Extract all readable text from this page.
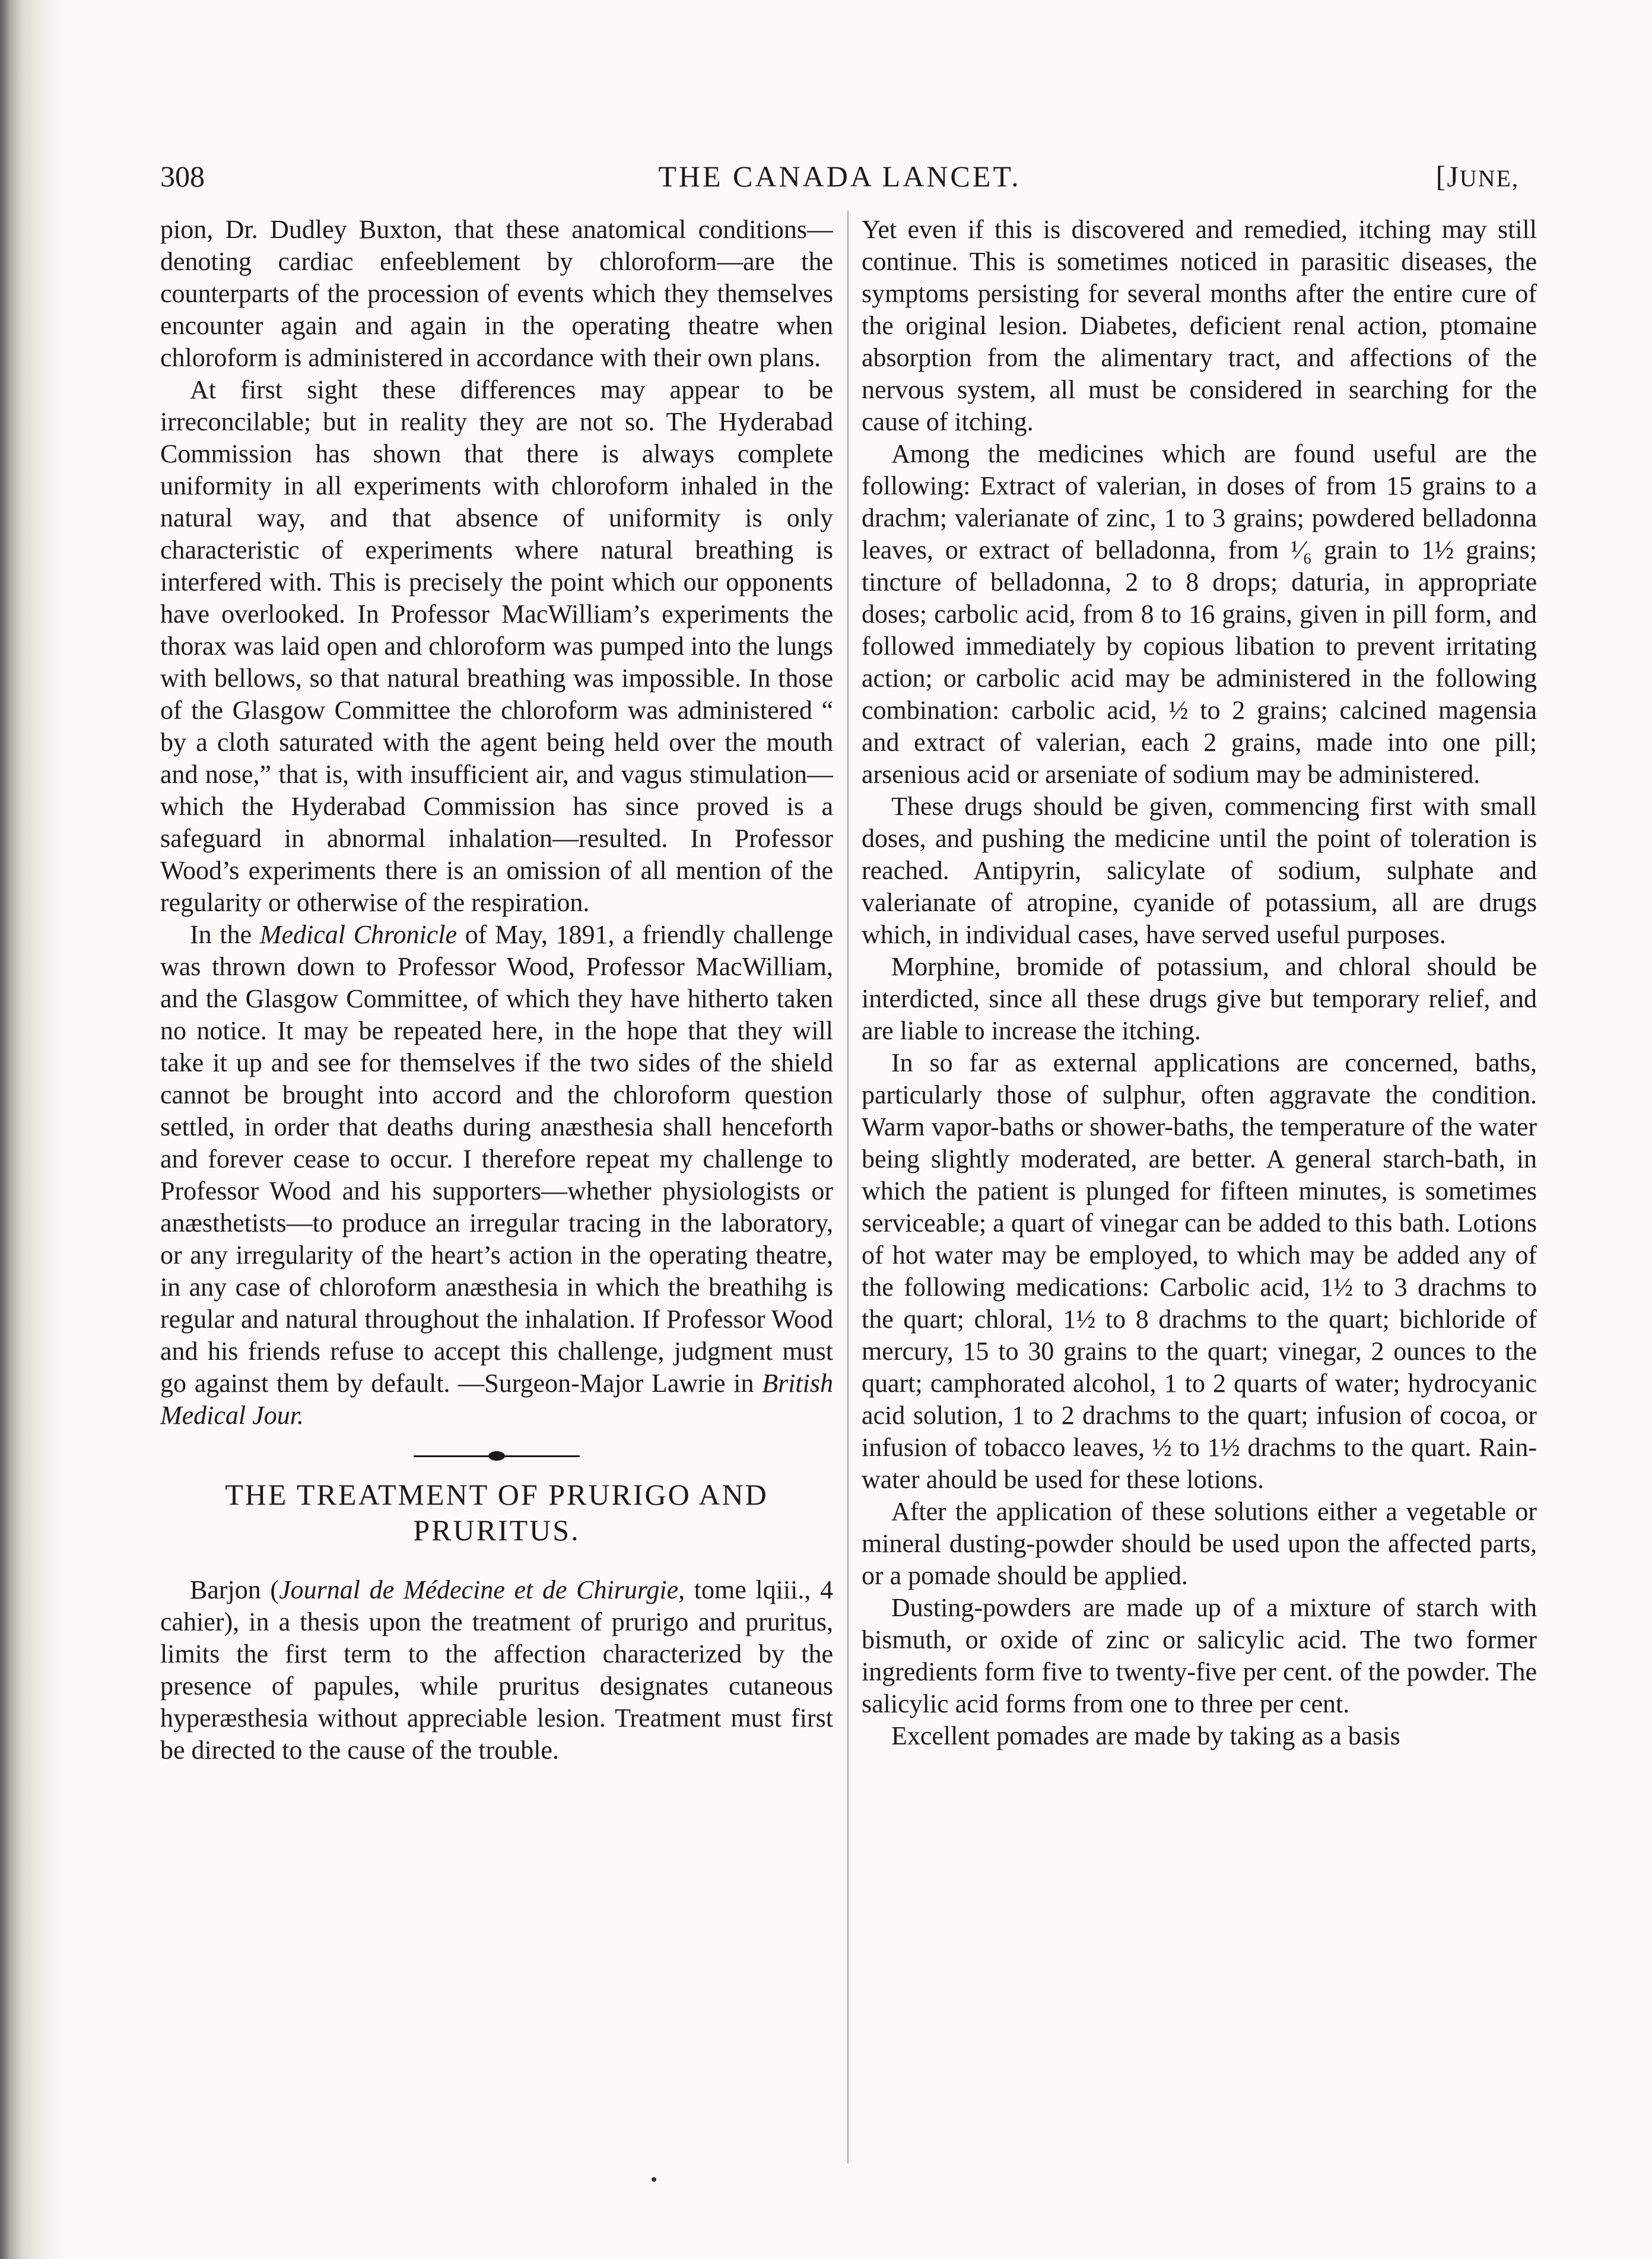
308	THE CANADA LANCET.	[JUNE,

pion, Dr. Dudley Buxton, that these anatomical conditions—denoting cardiac enfeeblement by chloroform—are the counterparts of the procession of events which they themselves encounter again and again in the operating theatre when chloroform is administered in accordance with their own plans.

At first sight these differences may appear to be irreconcilable; but in reality they are not so. The Hyderabad Commission has shown that there is always complete uniformity in all experiments with chloroform inhaled in the natural way, and that absence of uniformity is only characteristic of experiments where natural breathing is interfered with. This is precisely the point which our opponents have overlooked. In Professor MacWilliam’s experiments the thorax was laid open and chloroform was pumped into the lungs with bellows, so that natural breathing was impossible. In those of the Glasgow Committee the chloroform was administered “ by a cloth saturated with the agent being held over the mouth and nose,” that is, with insufficient air, and vagus stimulation—which the Hyderabad Commission has since proved is a safeguard in abnormal inhalation—resulted. In Professor Wood’s experiments there is an omission of all mention of the regularity or otherwise of the respiration.

In the Medical Chronicle of May, 1891, a friendly challenge was thrown down to Professor Wood, Professor MacWilliam, and the Glasgow Committee, of which they have hitherto taken no notice. It may be repeated here, in the hope that they will take it up and see for themselves if the two sides of the shield cannot be brought into accord and the chloroform question settled, in order that deaths during anæsthesia shall henceforth and forever cease to occur. I therefore repeat my challenge to Professor Wood and his supporters—whether physiologists or anæsthetists—to produce an irregular tracing in the laboratory, or any irregularity of the heart’s action in the operating theatre, in any case of chloroform anæsthesia in which the breathihg is regular and natural throughout the inhalation. If Professor Wood and his friends refuse to accept this challenge, judgment must go against them by default. —Surgeon-Major Lawrie in British Medical Jour.

THE TREATMENT OF PRURIGO AND
PRURITUS.

Barjon (Journal de Médecine et de Chirurgie, tome lqiii., 4 cahier), in a thesis upon the treatment of prurigo and pruritus, limits the first term to the affection characterized by the presence of papules, while pruritus designates cutaneous hyperæsthesia without appreciable lesion. Treatment must first be directed to the cause of the trouble.

Yet even if this is discovered and remedied, itching may still continue. This is sometimes noticed in parasitic diseases, the symptoms persisting for several months after the entire cure of the original lesion. Diabetes, deficient renal action, ptomaine absorption from the alimentary tract, and affections of the nervous system, all must be considered in searching for the cause of itching.

Among the medicines which are found useful are the following: Extract of valerian, in doses of from 15 grains to a drachm; valerianate of zinc, 1 to 3 grains; powdered belladonna leaves, or extract of belladonna, from ¹⁄₆ grain to 1½ grains; tincture of belladonna, 2 to 8 drops; daturia, in appropriate doses; carbolic acid, from 8 to 16 grains, given in pill form, and followed immediately by copious libation to prevent irritating action; or carbolic acid may be administered in the following combination: carbolic acid, ½ to 2 grains; calcined magensia and extract of valerian, each 2 grains, made into one pill; arsenious acid or arseniate of sodium may be administered.

These drugs should be given, commencing first with small doses, and pushing the medicine until the point of toleration is reached. Antipyrin, salicylate of sodium, sulphate and valerianate of atropine, cyanide of potassium, all are drugs which, in individual cases, have served useful purposes.

Morphine, bromide of potassium, and chloral should be interdicted, since all these drugs give but temporary relief, and are liable to increase the itching.

In so far as external applications are concerned, baths, particularly those of sulphur, often aggravate the condition. Warm vapor-baths or shower-baths, the temperature of the water being slightly moderated, are better. A general starch-bath, in which the patient is plunged for fifteen minutes, is sometimes serviceable; a quart of vinegar can be added to this bath. Lotions of hot water may be employed, to which may be added any of the following medications: Carbolic acid, 1½ to 3 drachms to the quart; chloral, 1½ to 8 drachms to the quart; bichloride of mercury, 15 to 30 grains to the quart; vinegar, 2 ounces to the quart; camphorated alcohol, 1 to 2 quarts of water; hydrocyanic acid solution, 1 to 2 drachms to the quart; infusion of cocoa, or infusion of tobacco leaves, ½ to 1½ drachms to the quart. Rain-water ahould be used for these lotions.

After the application of these solutions either a vegetable or mineral dusting-powder should be used upon the affected parts, or a pomade should be applied.

Dusting-powders are made up of a mixture of starch with bismuth, or oxide of zinc or salicylic acid. The two former ingredients form five to twenty-five per cent. of the powder. The salicylic acid forms from one to three per cent.

Excellent pomades are made by taking as a basis
